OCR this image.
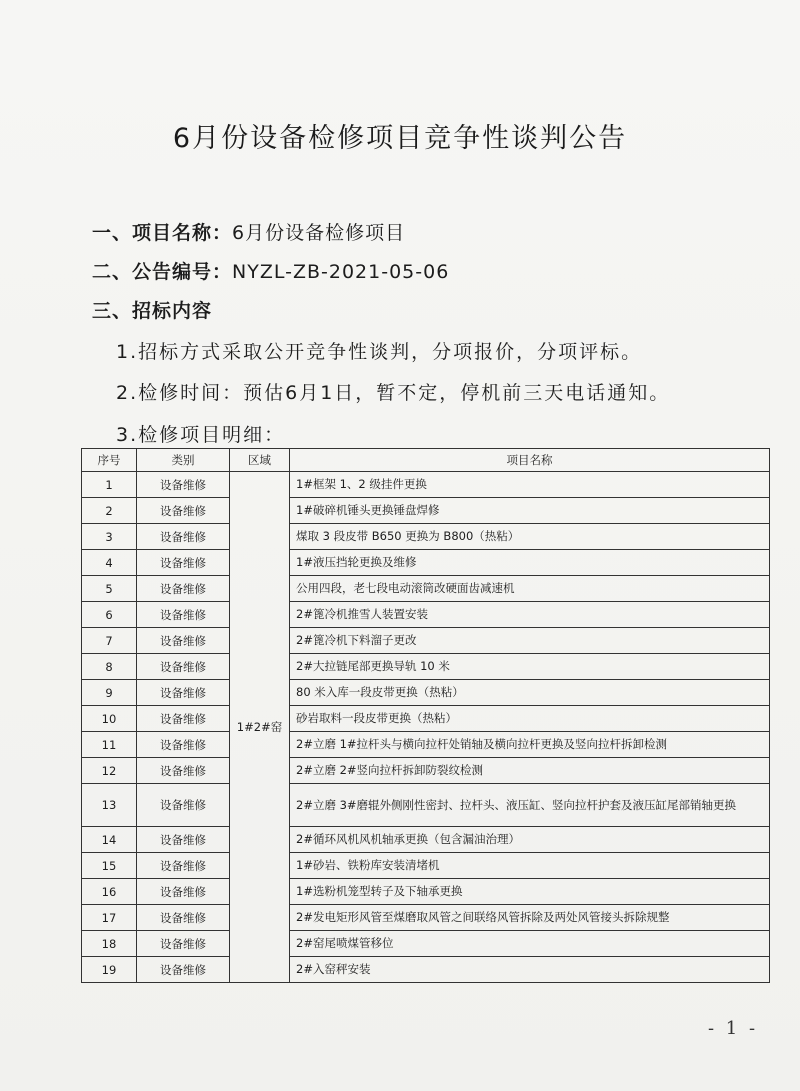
6月份设备检修项目竞争性谈判公告
一、项目名称：6月份设备检修项目
二、公告编号：NYZL-ZB-2021-05-06
三、招标内容
1.招标方式采取公开竞争性谈判，分项报价，分项评标。
2.检修时间：预估6月1日，暂不定，停机前三天电话通知。
3.检修项目明细：
序号	类别	区域	项目名称
1	设备维修	1#2#窑	1#框架 1、2 级挂件更换
2	设备维修		1#破碎机锤头更换锤盘焊修
3	设备维修		煤取 3 段皮带 B650 更换为 B800（热粘）
4	设备维修		1#液压挡轮更换及维修
5	设备维修		公用四段，老七段电动滚筒改硬面齿减速机
6	设备维修		2#篦冷机推雪人装置安装
7	设备维修		2#篦冷机下料溜子更改
8	设备维修		2#大拉链尾部更换导轨 10 米
9	设备维修		80 米入库一段皮带更换（热粘）
10	设备维修		砂岩取料一段皮带更换（热粘）
11	设备维修		2#立磨 1#拉杆头与横向拉杆处销轴及横向拉杆更换及竖向拉杆拆卸检测
12	设备维修		2#立磨 2#竖向拉杆拆卸防裂纹检测
13	设备维修		2#立磨 3#磨辊外侧刚性密封、拉杆头、液压缸、竖向拉杆护套及液压缸尾部销轴更换
14	设备维修		2#循环风机风机轴承更换（包含漏油治理）
15	设备维修		1#砂岩、铁粉库安装清堵机
16	设备维修		1#选粉机笼型转子及下轴承更换
17	设备维修		2#发电矩形风管至煤磨取风管之间联络风管拆除及两处风管接头拆除规整
18	设备维修		2#窑尾喷煤管移位
19	设备维修		2#入窑秤安装
- 1 -
